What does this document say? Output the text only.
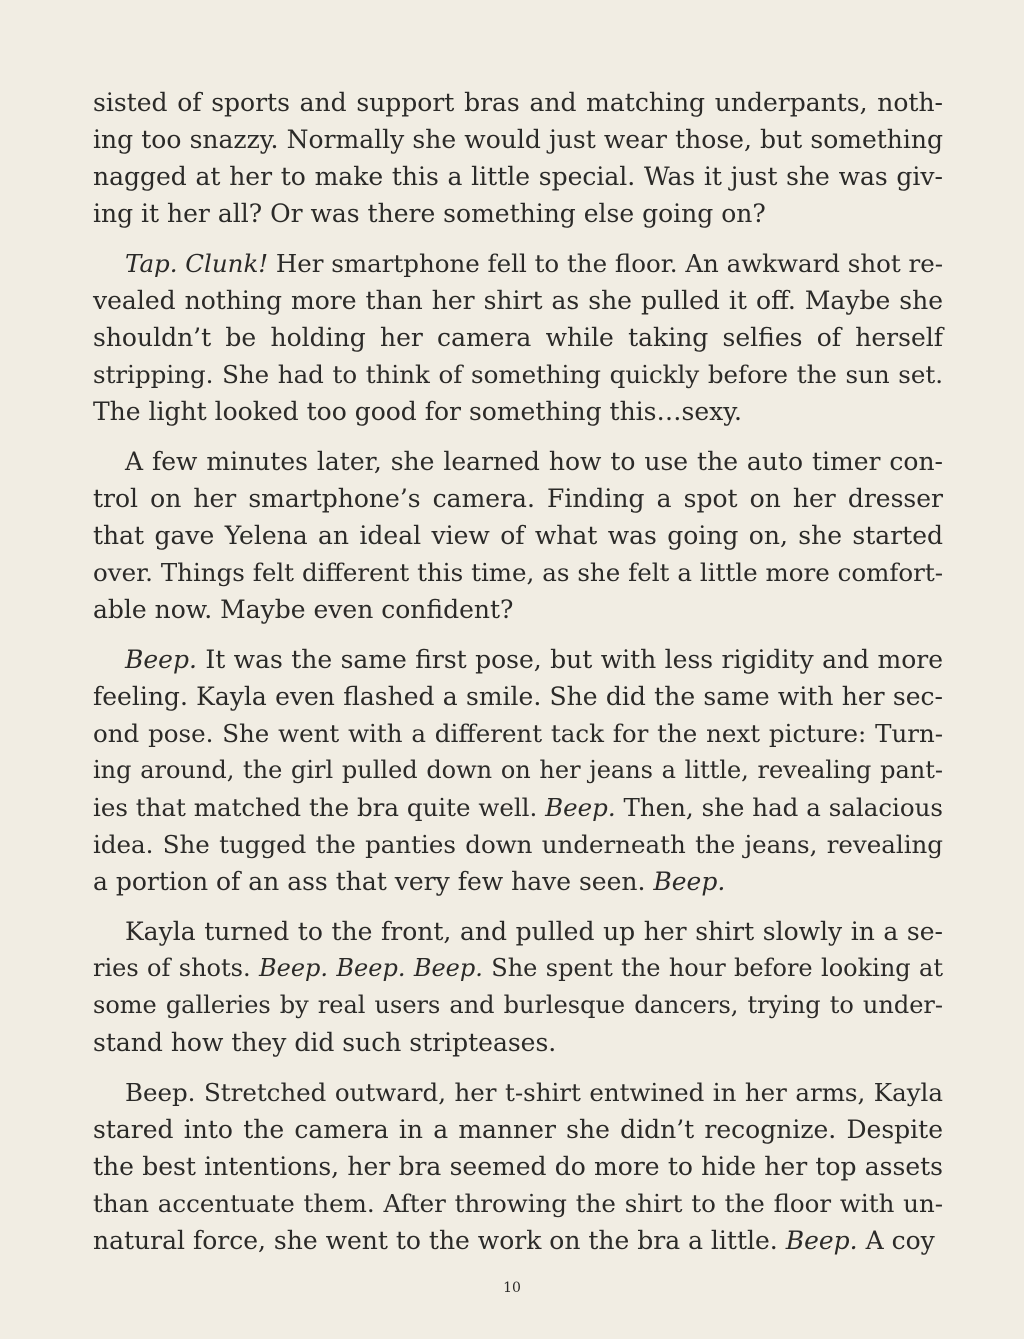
sisted of sports and support bras and matching underpants, noth-
ing too snazzy. Normally she would just wear those, but something
nagged at her to make this a little special. Was it just she was giv-
ing it her all? Or was there something else going on?
Tap. Clunk! Her smartphone fell to the floor. An awkward shot re-
vealed nothing more than her shirt as she pulled it off. Maybe she
shouldn’t be holding her camera while taking selfies of herself
stripping. She had to think of something quickly before the sun set.
The light looked too good for something this…sexy.
A few minutes later, she learned how to use the auto timer con-
trol on her smartphone’s camera. Finding a spot on her dresser
that gave Yelena an ideal view of what was going on, she started
over. Things felt different this time, as she felt a little more comfort-
able now. Maybe even confident?
Beep. It was the same first pose, but with less rigidity and more
feeling. Kayla even flashed a smile. She did the same with her sec-
ond pose. She went with a different tack for the next picture: Turn-
ing around, the girl pulled down on her jeans a little, revealing pant-
ies that matched the bra quite well. Beep. Then, she had a salacious
idea. She tugged the panties down underneath the jeans, revealing
a portion of an ass that very few have seen. Beep.
Kayla turned to the front, and pulled up her shirt slowly in a se-
ries of shots. Beep. Beep. Beep. She spent the hour before looking at
some galleries by real users and burlesque dancers, trying to under-
stand how they did such stripteases.
Beep. Stretched outward, her t-shirt entwined in her arms, Kayla
stared into the camera in a manner she didn’t recognize. Despite
the best intentions, her bra seemed do more to hide her top assets
than accentuate them. After throwing the shirt to the floor with un-
natural force, she went to the work on the bra a little. Beep. A coy
10
